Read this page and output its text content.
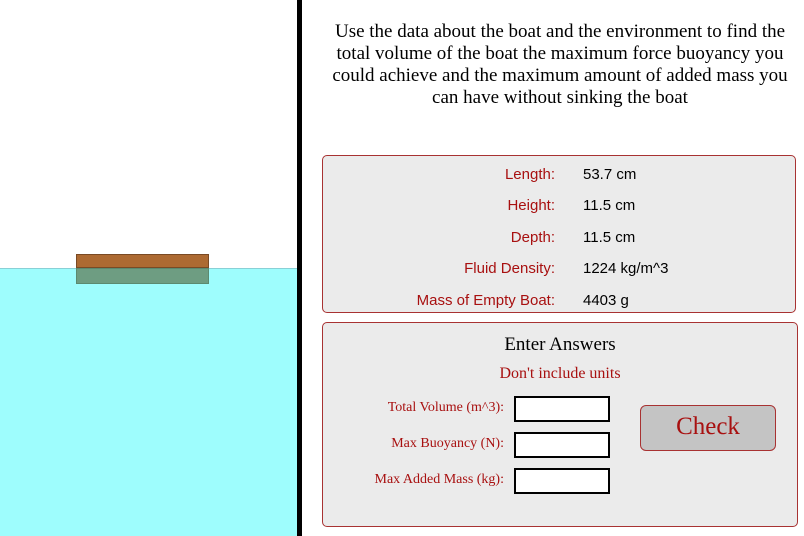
Use the data about the boat and the environment to find the total volume of the boat the maximum force buoyancy you could achieve and the maximum amount of added mass you can have without sinking the boat
Length: 53.7 cm
Height: 11.5 cm
Depth: 11.5 cm
Fluid Density: 1224 kg/m^3
Mass of Empty Boat: 4403 g
Enter Answers
Don't include units
Total Volume (m^3):
Max Buoyancy (N):
Max Added Mass (kg):
Check
